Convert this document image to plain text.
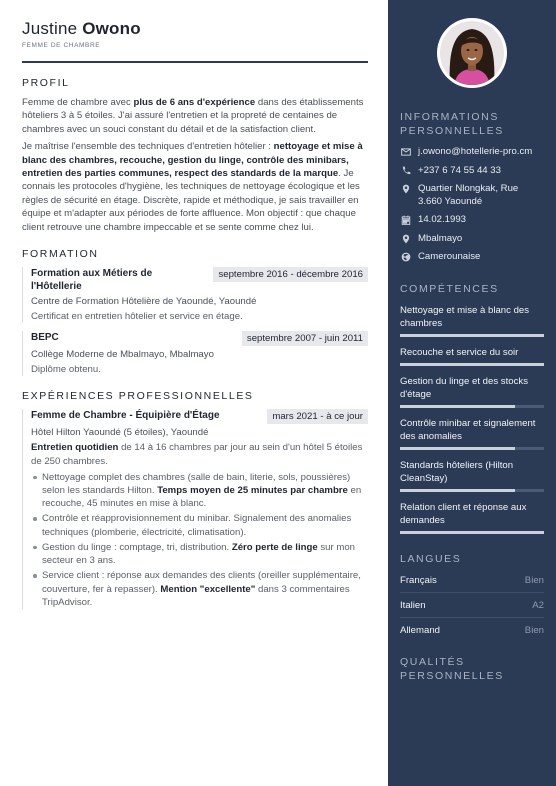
Justine Owono
FEMME DE CHAMBRE
PROFIL
Femme de chambre avec plus de 6 ans d'expérience dans des établissements hôteliers 3 à 5 étoiles. J'ai assuré l'entretien et la propreté de centaines de chambres avec un souci constant du détail et de la satisfaction client.
Je maîtrise l'ensemble des techniques d'entretien hôtelier : nettoyage et mise à blanc des chambres, recouche, gestion du linge, contrôle des minibars, entretien des parties communes, respect des standards de la marque. Je connais les protocoles d'hygiène, les techniques de nettoyage écologique et les règles de sécurité en étage. Discrète, rapide et méthodique, je sais travailler en équipe et m'adapter aux périodes de forte affluence. Mon objectif : que chaque client retrouve une chambre impeccable et se sente comme chez lui.
FORMATION
Formation aux Métiers de l'Hôtellerie
septembre 2016 - décembre 2016
Centre de Formation Hôtelière de Yaoundé, Yaoundé
Certificat en entretien hôtelier et service en étage.
BEPC	septembre 2007 - juin 2011
Collège Moderne de Mbalmayo, Mbalmayo
Diplôme obtenu.
EXPÉRIENCES PROFESSIONNELLES
Femme de Chambre - Équipière d'Étage	mars 2021 - à ce jour
Hôtel Hilton Yaoundé (5 étoiles), Yaoundé
Entretien quotidien de 14 à 16 chambres par jour au sein d'un hôtel 5 étoiles de 250 chambres.
Nettoyage complet des chambres (salle de bain, literie, sols, poussières) selon les standards Hilton. Temps moyen de 25 minutes par chambre en recouche, 45 minutes en mise à blanc.
Contrôle et réapprovisionnement du minibar. Signalement des anomalies techniques (plomberie, électricité, climatisation).
Gestion du linge : comptage, tri, distribution. Zéro perte de linge sur mon secteur en 3 ans.
Service client : réponse aux demandes des clients (oreiller supplémentaire, couverture, fer à repasser). Mention "excellente" dans 3 commentaires TripAdvisor.
INFORMATIONS PERSONNELLES
j.owono@hotellerie-pro.cm
+237 6 74 55 44 33
Quartier Nlongkak, Rue 3.660 Yaoundé
14.02.1993
Mbalmayo
Camerounaise
COMPÉTENCES
Nettoyage et mise à blanc des chambres
Recouche et service du soir
Gestion du linge et des stocks d'étage
Contrôle minibar et signalement des anomalies
Standards hôteliers (Hilton CleanStay)
Relation client et réponse aux demandes
LANGUES
Français	Bien
Italien	A2
Allemand	Bien
QUALITÉS PERSONNELLES
